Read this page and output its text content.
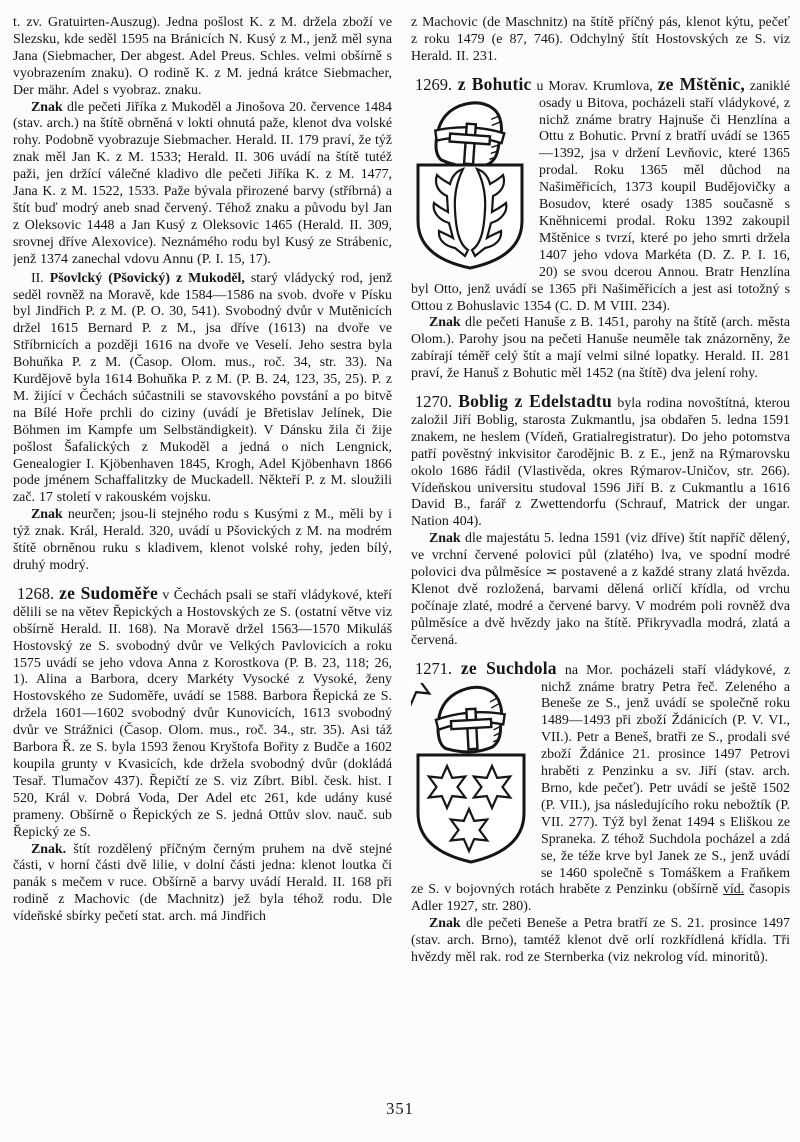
t. zv. Gratuirten-Auszug). Jedna pošlost K. z M. držela zboží ve Slezsku, kde seděl 1595 na Bránicích N. Kusý z M., jenž měl syna Jana (Siebmacher, Der abgest. Adel Preus. Schles. velmi obšírně s vyobrazením znaku). O rodině K. z M. jedná krátce Siebmacher, Der mähr. Adel s vyobraz. znaku.

Znak dle pečeti Jiříka z Mukoděl a Jinošova 20. července 1484 (stav. arch.) na štítě obrněná v lokti ohnutá paže, klenot dva volské rohy. Podobně vyobrazuje Siebmacher. Herald. II. 179 praví, že týž znak měl Jan K. z M. 1533; Herald. II. 306 uvádí na štítě tutéž paži, jen držící válečné kladivo dle pečeti Jiříka K. z M. 1477, Jana K. z M. 1522, 1533. Paže bývala přirozené barvy (stříbrná) a štít buď modrý aneb snad červený. Téhož znaku a původu byl Jan z Oleksovic 1448 a Jan Kusý z Oleksovic 1465 (Herald. II. 309, srovnej dříve Alexovice). Neznámého rodu byl Kusý ze Strábenic, jenž 1374 zanechal vdovu Annu (P. I. 15, 17).

II. Pšovlcký (Pšovický) z Mukoděl, starý vládycký rod, jenž seděl rovněž na Moravě, kde 1584—1586 na svob. dvoře v Písku byl Jindřich P. z M. (P. O. 30, 541). Svobodný dvůr v Mutěnicích držel 1615 Bernard P. z M., jsa dříve (1613) na dvoře ve Stříbrnicích a později 1616 na dvoře ve Veselí. Jeho sestra byla Bohuňka P. z M. (Časop. Olom. mus., roč. 34, str. 33). Na Kurdějově byla 1614 Bohuňka P. z M. (P. B. 24, 123, 35, 25). P. z M. žijící v Čechách súčastnili se stavovského povstání a po bitvě na Bílé Hoře prchli do ciziny (uvádí je Břetislav Jelínek, Die Böhmen im Kampfe um Selbständigkeit). V Dánsku žila či žije pošlost Šafalických z Mukoděl a jedná o nich Lengnick, Genealogier I. Kjöbenhaven 1845, Krogh, Adel Kjöbenhavn 1866 pode jménem Schaffalitzky de Muckadell. Někteří P. z M. sloužili zač. 17 století v rakouském vojsku.

Znak neurčen; jsou-li stejného rodu s Kusými z M., měli by i týž znak. Král, Herald. 320, uvádí u Pšovických z M. na modrém štítě obrněnou ruku s kladivem, klenot volské rohy, jeden bílý, druhý modrý.

1268. ze Sudoměře v Čechách psali se staří vládykové, kteří dělili se na větev Řepických a Hostovských ze S. (ostatní větve viz obšírně Herald. II. 168). Na Moravě držel 1563—1570 Mikuláš Hostovský ze S. svobodný dvůr ve Velkých Pavlovicích a roku 1575 uvádí se jeho vdova Anna z Korostkova (P. B. 23, 118; 26, 1). Alina a Barbora, dcery Markéty Vysocké z Vysoké, ženy Hostovského ze Sudoměře, uvádí se 1588. Barbora Řepická ze S. držela 1601—1602 svobodný dvůr Kunovicích, 1613 svobodný dvůr ve Strážnici (Časop. Olom. mus., roč. 34., str. 35). Asi táž Barbora Ř. ze S. byla 1593 ženou Kryštofa Bořity z Budče a 1602 koupila grunty v Kvasicích, kde držela svobodný dvůr (dokládá Tesař. Tlumačov 437). Řepičtí ze S. viz Zíbrt. Bibl. česk. hist. I 520, Král v. Dobrá Voda, Der Adel etc 261, kde udány kusé prameny. Obšírně o Řepických ze S. jedná Ottův slov. nauč. sub Řepický ze S.

Znak. štít rozdělený příčným černým pruhem na dvě stejné části, v horní části dvě lilie, v dolní části jedna: klenot loutka či panák s mečem v ruce. Obšírně a barvy uvádí Herald. II. 168 při rodině z Machovic (de Machnitz) jež byla téhož rodu. Dle vídeňské sbírky pečetí stat. arch. má Jindřich

z Machovic (de Maschnitz) na štítě příčný pás, klenot kýtu, pečeť z roku 1479 (e 87, 746). Odchylný štít Hostovských ze S. viz Herald. II. 231.

1269. z Bohutic u Morav. Krumlova, ze Mštěnic,
zaniklé osady u Bitova, pocházeli staří vládykové, z nichž známe bratry Hajnuše či Henzlína a Ottu z Bohutic. První z bratří uvádí se 1365—1392, jsa v držení Levňovic, které 1365 prodal. Roku 1365 měl důchod na Našiměřicích, 1373 koupil Budějovičky a Bosudov, které osady 1385 současně s Kněhnicemi prodal. Roku 1392 zakoupil Mštěnice s tvrzí, které po jeho smrti držela 1407 jeho vdova Markéta (D. Z. P. I. 16, 20) se svou dcerou Annou. Bratr Henzlína byl Otto, jenž uvádí se 1365 při Našiměřicích a jest asi totožný s Ottou z Bohuslavic 1354 (C. D. M VIII. 234).

Znak dle pečeti Hanuše z B. 1451, parohy na štítě (arch. města Olom.). Parohy jsou na pečeti Hanuše neuměle tak znázorněny, že zabírají téměř celý štít a mají velmi silné lopatky. Herald. II. 281 praví, že Hanuš z Bohutic měl 1452 (na štítě) dva jelení rohy.

1270. Boblig z Edelstadtu byla rodina novoštítná, kterou založil Jiří Boblig, starosta Zukmantlu, jsa obdařen 5. ledna 1591 znakem, ne heslem (Vídeň, Gratialregistratur). Do jeho potomstva patří pověstný inkvisitor čarodějnic B. z E., jenž na Rýmarovsku okolo 1686 řádil (Vlastivěda, okres Rýmarov-Uničov, str. 266). Vídeňskou universitu studoval 1596 Jiří B. z Cukmantlu a 1616 David B., farář z Zwettendorfu (Schrauf, Matrick der ungar. Nation 404).

Znak dle majestátu 5. ledna 1591 (viz dříve) štít napříč dělený, ve vrchní červené polovici půl (zlatého) lva, ve spodní modré polovici dva půlměsíce ≍ postavené a z každé strany zlatá hvězda. Klenot dvě rozložená, barvami dělená orličí křídla, od vrchu počínaje zlaté, modré a červené barvy. V modrém poli rovněž dva půlměsíce a dvě hvězdy jako na štítě. Přikryvadla modrá, zlatá a červená.

1271. ze Suchdola na Mor. pocházeli staří vládykové,
z nichž známe bratry Petra řeč. Zeleného a Beneše ze S., jenž uvádí se společně roku 1489—1493 při zboží Ždánicích (P. V. VI., VII.). Petr a Beneš, bratři ze S., prodali své zboží Ždánice 21. prosince 1497 Petrovi hraběti z Penzinku a sv. Jiří (stav. arch. Brno, kde pečeť). Petr uvádí se ještě 1502 (P. VII.), jsa následujícího roku nebožtík (P. VII. 277). Týž byl ženat 1494 s Eliškou ze Spraneka. Z téhož Suchdola pocházel a zdá se, že téže krve byl Janek ze S., jenž uvádí se 1460 společně s Tomáškem a Fraňkem ze S. v bojovných rotách hraběte z Penzinku (obšírně víd. časopis Adler 1927, str. 280).

Znak dle pečeti Beneše a Petra bratří ze S. 21. prosince 1497 (stav. arch. Brno), tamtéž klenot dvě orlí rozkřídlená křídla. Tři hvězdy měl rak. rod ze Sternberka (viz nekrolog víd. minoritů).

351
